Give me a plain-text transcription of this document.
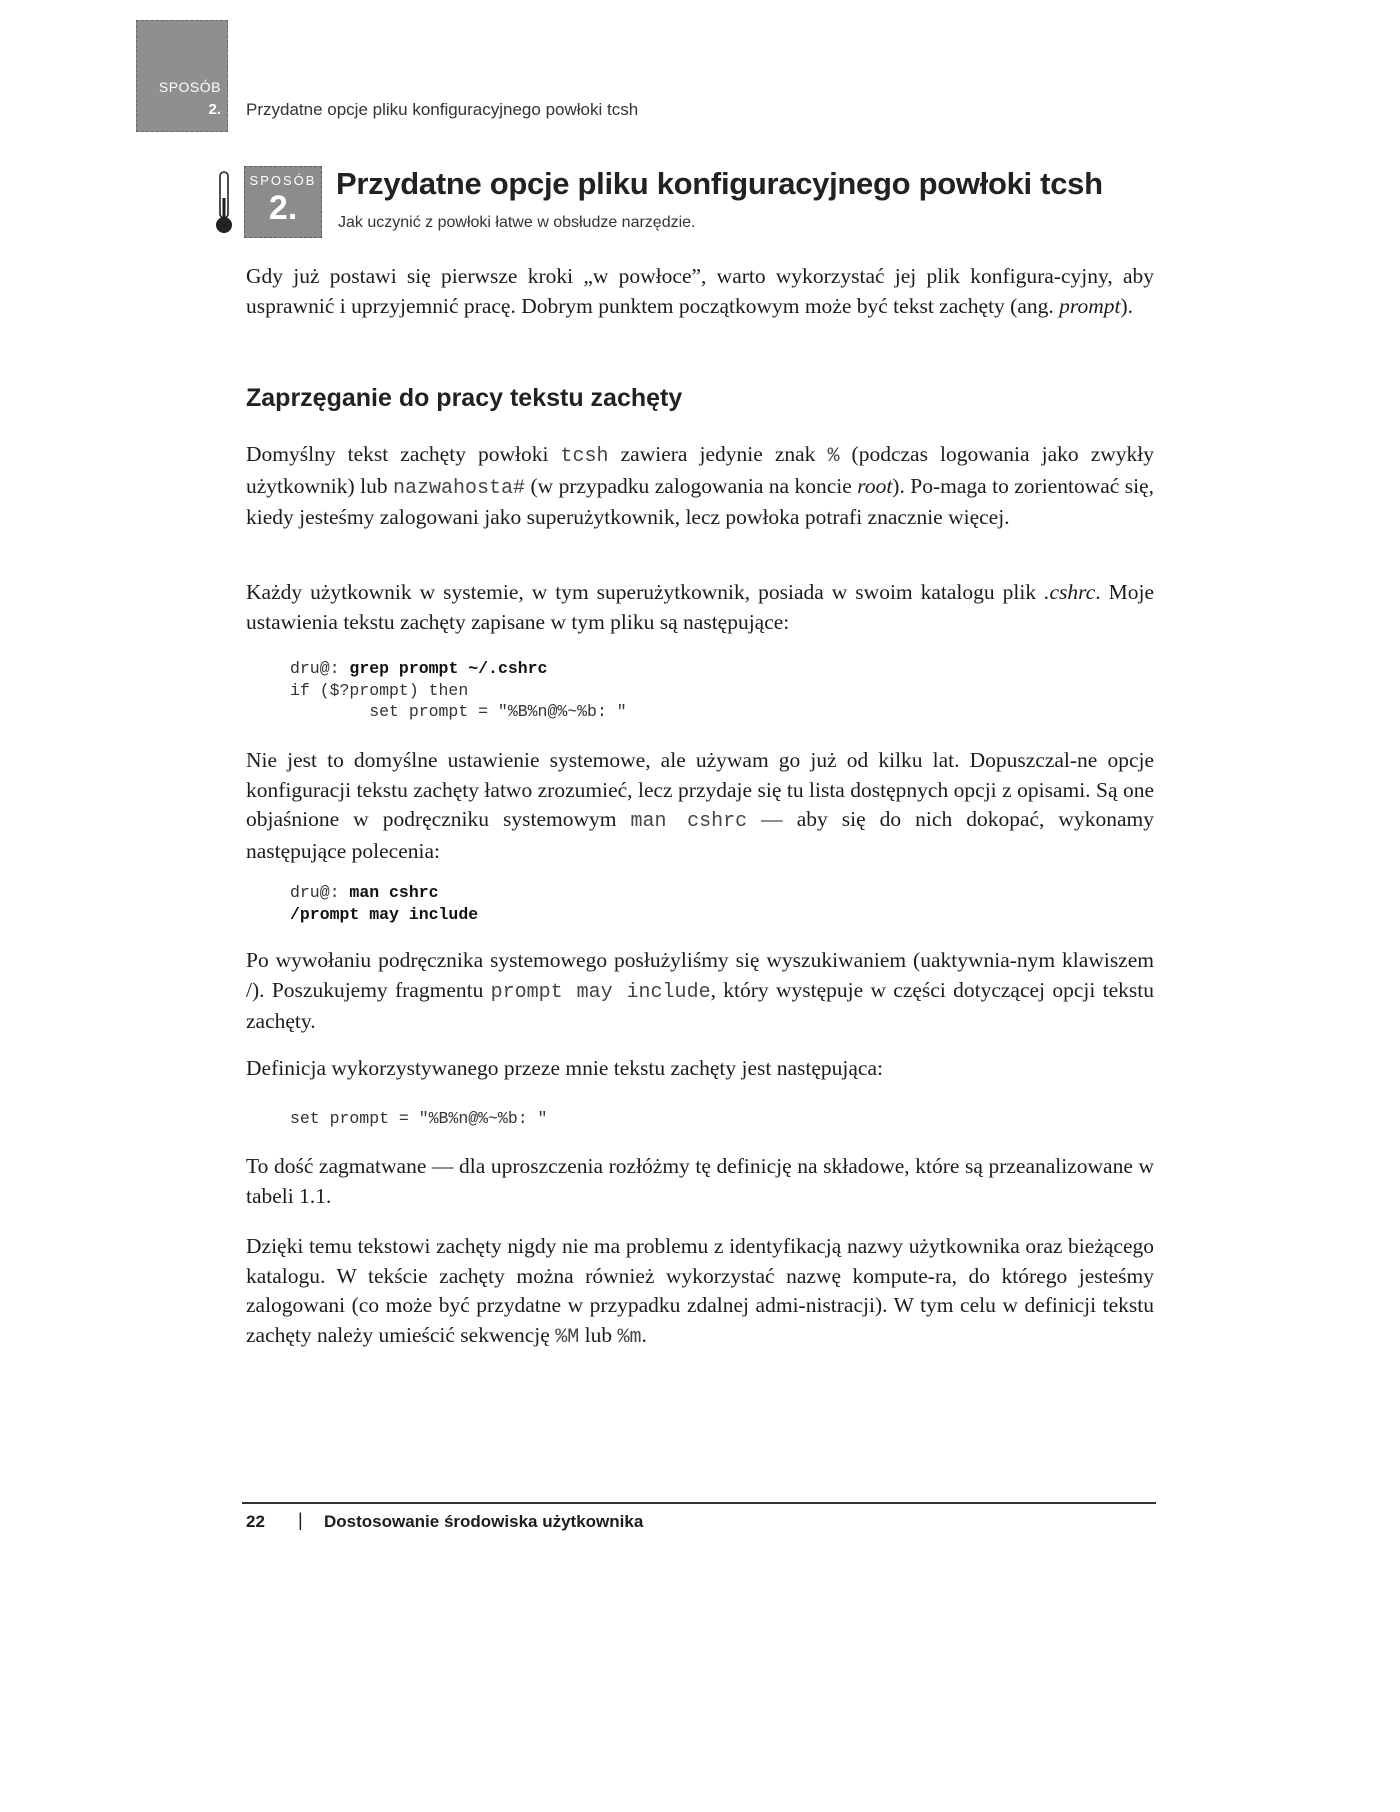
SPOSÓB
2. Przydatne opcje pliku konfiguracyjnego powłoki tcsh
SPOSÓB
2.
Przydatne opcje pliku konfiguracyjnego powłoki tcsh
Jak uczynić z powłoki łatwe w obsłudze narzędzie.
Gdy już postawi się pierwsze kroki „w powłoce”, warto wykorzystać jej plik konfigura-cyjny, aby usprawnić i uprzyjemnić pracę. Dobrym punktem początkowym może być tekst zachęty (ang. prompt).
Zaprzęganie do pracy tekstu zachęty
Domyślny tekst zachęty powłoki tcsh zawiera jedynie znak % (podczas logowania jako zwykły użytkownik) lub nazwahosta# (w przypadku zalogowania na koncie root). Po-maga to zorientować się, kiedy jesteśmy zalogowani jako superużytkownik, lecz powłoka potrafi znacznie więcej.
Każdy użytkownik w systemie, w tym superużytkownik, posiada w swoim katalogu plik .cshrc. Moje ustawienia tekstu zachęty zapisane w tym pliku są następujące:
dru@: grep prompt ~/.cshrc
if ($?prompt) then
set prompt = "%B%n@%~%b: "
Nie jest to domyślne ustawienie systemowe, ale używam go już od kilku lat. Dopuszczal-ne opcje konfiguracji tekstu zachęty łatwo zrozumieć, lecz przydaje się tu lista dostępnych opcji z opisami. Są one objaśnione w podręczniku systemowym man cshrc — aby się do nich dokopać, wykonamy następujące polecenia:
dru@: man cshrc
/prompt may include
Po wywołaniu podręcznika systemowego posłużyliśmy się wyszukiwaniem (uaktywnia-nym klawiszem /). Poszukujemy fragmentu prompt may include, który występuje w części dotyczącej opcji tekstu zachęty.
Definicja wykorzystywanego przeze mnie tekstu zachęty jest następująca:
set prompt = "%B%n@%~%b: "
To dość zagmatwane — dla uproszczenia rozłóżmy tę definicję na składowe, które są przeanalizowane w tabeli 1.1.
Dzięki temu tekstowi zachęty nigdy nie ma problemu z identyfikacją nazwy użytkownika oraz bieżącego katalogu. W tekście zachęty można również wykorzystać nazwę kompute-ra, do którego jesteśmy zalogowani (co może być przydatne w przypadku zdalnej admi-nistracji). W tym celu w definicji tekstu zachęty należy umieścić sekwencję %M lub %m.
22 | Dostosowanie środowiska użytkownika
